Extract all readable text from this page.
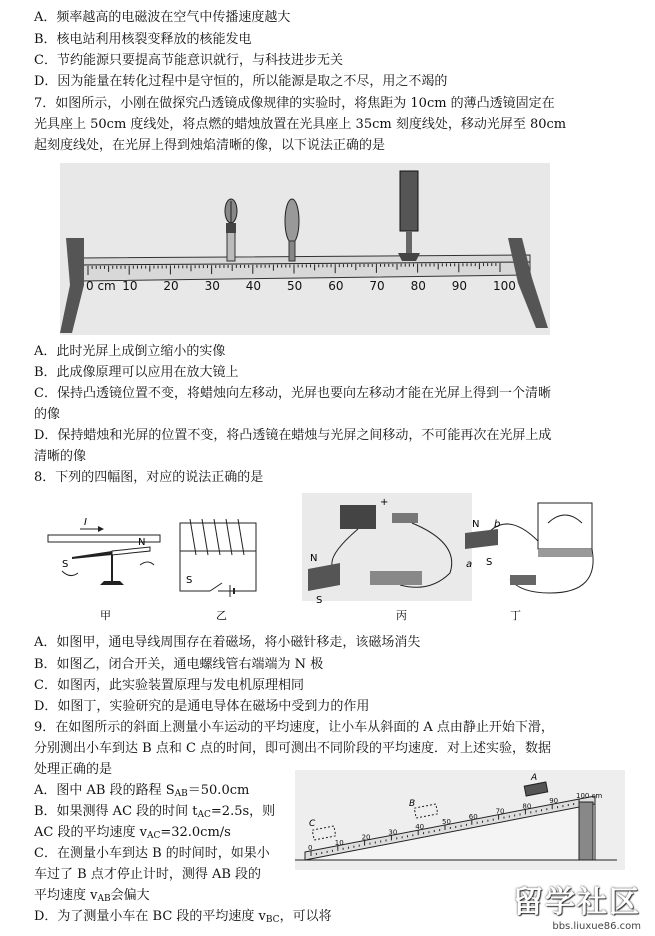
A．频率越高的电磁波在空气中传播速度越大
B．核电站利用核裂变释放的核能发电
C．节约能源只要提高节能意识就行，与科技进步无关
D．因为能量在转化过程中是守恒的，所以能源是取之不尽，用之不竭的
7．如图所示，小刚在做探究凸透镜成像规律的实验时，将焦距为 10cm 的薄凸透镜固定在
光具座上 50cm 度线处，将点燃的蜡烛放置在光具座上 35cm 刻度线处，移动光屏至 80cm
起刻度线处，在光屏上得到烛焰清晰的像，以下说法正确的是
0 cm 10 20 30 40 50 60 70 80 90 100
A．此时光屏上成倒立缩小的实像
B．此成像原理可以应用在放大镜上
C．保持凸透镜位置不变，将蜡烛向左移动，光屏也要向左移动才能在光屏上得到一个清晰
的像
D．保持蜡烛和光屏的位置不变，将凸透镜在蜡烛与光屏之间移动，不可能再次在光屏上成
清晰的像
8．下列的四幅图，对应的说法正确的是
I
N
S
甲
S
乙
+
N
S
丙
N
S
a
b
丁
A．如图甲，通电导线周围存在着磁场，将小磁针移走，该磁场消失
B．如图乙，闭合开关，通电螺线管右端端为 N 极
C．如图丙，此实验装置原理与发电机原理相同
D．如图丁，实验研究的是通电导体在磁场中受到力的作用
9．在如图所示的斜面上测量小车运动的平均速度，让小车从斜面的 A 点由静止开始下滑，
分别测出小车到达 B 点和 C 点的时间，即可测出不同阶段的平均速度．对上述实验，数据
处理正确的是
A．图中 AB 段的路程 $S_{AB}=50.0cm$
B．如果测得 AC 段的时间 $t_{AC}=2.5s$，则
AC 段的平均速度 $v_{AC}=32.0cm/s$
C．在测量小车到达 B 的时间时，如果小
车过了 B 点才停止计时，测得 AB 段的
平均速度 $v_{AB}$会偏大
D．为了测量小车在 BC 段的平均速度 $v_{BC}$，可以将
0
10
20
30
40
50
60
70
80
90
100 cm
A
B
C
留学社区
bbs.liuxue86.com
